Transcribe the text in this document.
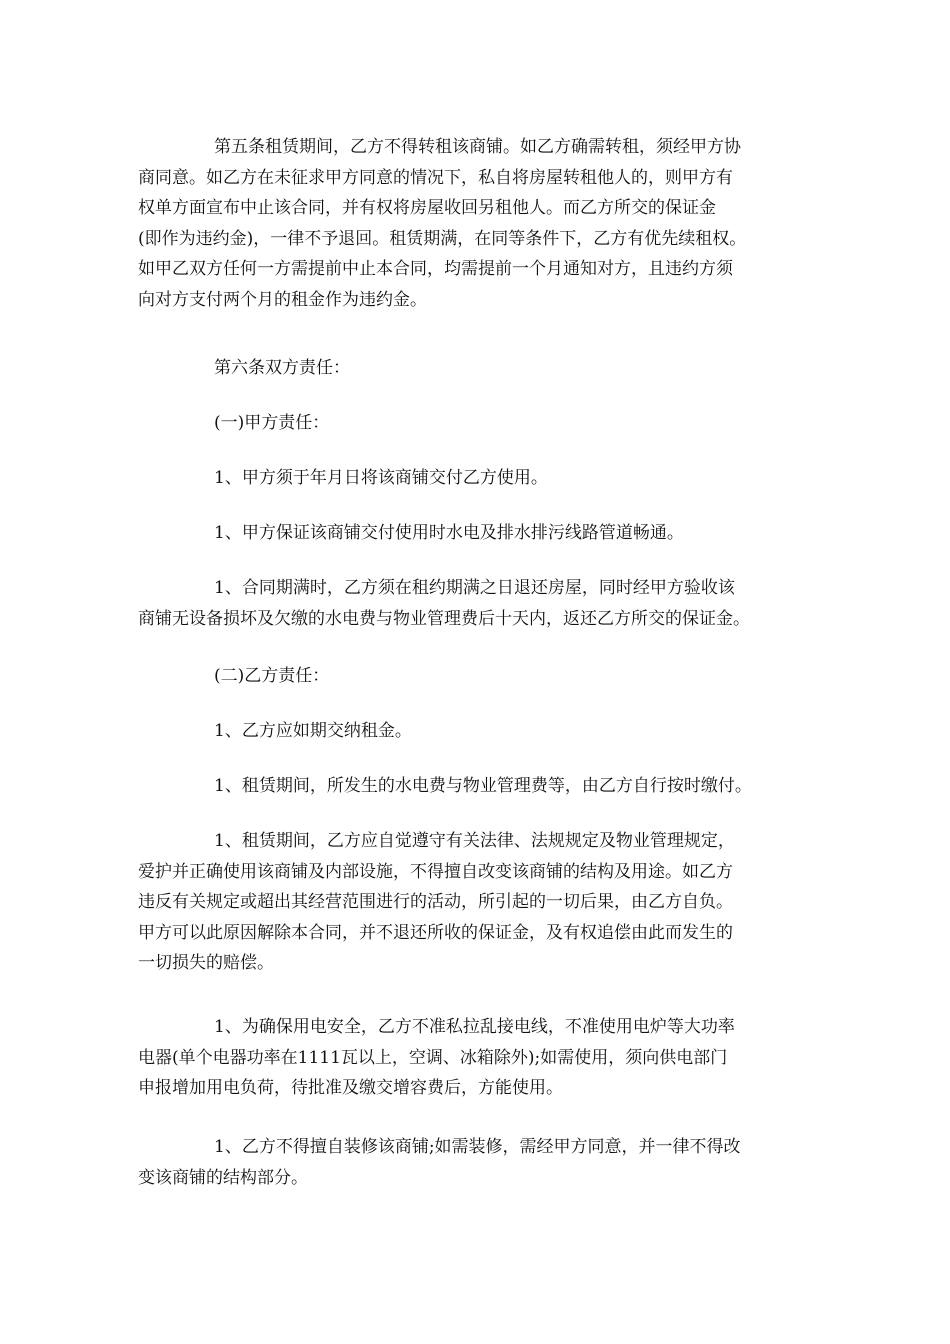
第五条租赁期间，乙方不得转租该商铺。如乙方确需转租，须经甲方协
商同意。如乙方在未征求甲方同意的情况下，私自将房屋转租他人的，则甲方有
权单方面宣布中止该合同，并有权将房屋收回另租他人。而乙方所交的保证金
(即作为违约金)，一律不予退回。租赁期满，在同等条件下，乙方有优先续租权。
如甲乙双方任何一方需提前中止本合同，均需提前一个月通知对方，且违约方须
向对方支付两个月的租金作为违约金。
第六条双方责任：
(一)甲方责任：
1、甲方须于年月日将该商铺交付乙方使用。
1、甲方保证该商铺交付使用时水电及排水排污线路管道畅通。
1、合同期满时，乙方须在租约期满之日退还房屋，同时经甲方验收该
商铺无设备损坏及欠缴的水电费与物业管理费后十天内，返还乙方所交的保证金。
(二)乙方责任：
1、乙方应如期交纳租金。
1、租赁期间，所发生的水电费与物业管理费等，由乙方自行按时缴付。
1、租赁期间，乙方应自觉遵守有关法律、法规规定及物业管理规定，
爱护并正确使用该商铺及内部设施，不得擅自改变该商铺的结构及用途。如乙方
违反有关规定或超出其经营范围进行的活动，所引起的一切后果，由乙方自负。
甲方可以此原因解除本合同，并不退还所收的保证金，及有权追偿由此而发生的
一切损失的赔偿。
1、为确保用电安全，乙方不准私拉乱接电线，不准使用电炉等大功率
电器(单个电器功率在1111瓦以上，空调、冰箱除外);如需使用，须向供电部门
申报增加用电负荷，待批准及缴交增容费后，方能使用。
1、乙方不得擅自装修该商铺;如需装修，需经甲方同意，并一律不得改
变该商铺的结构部分。
